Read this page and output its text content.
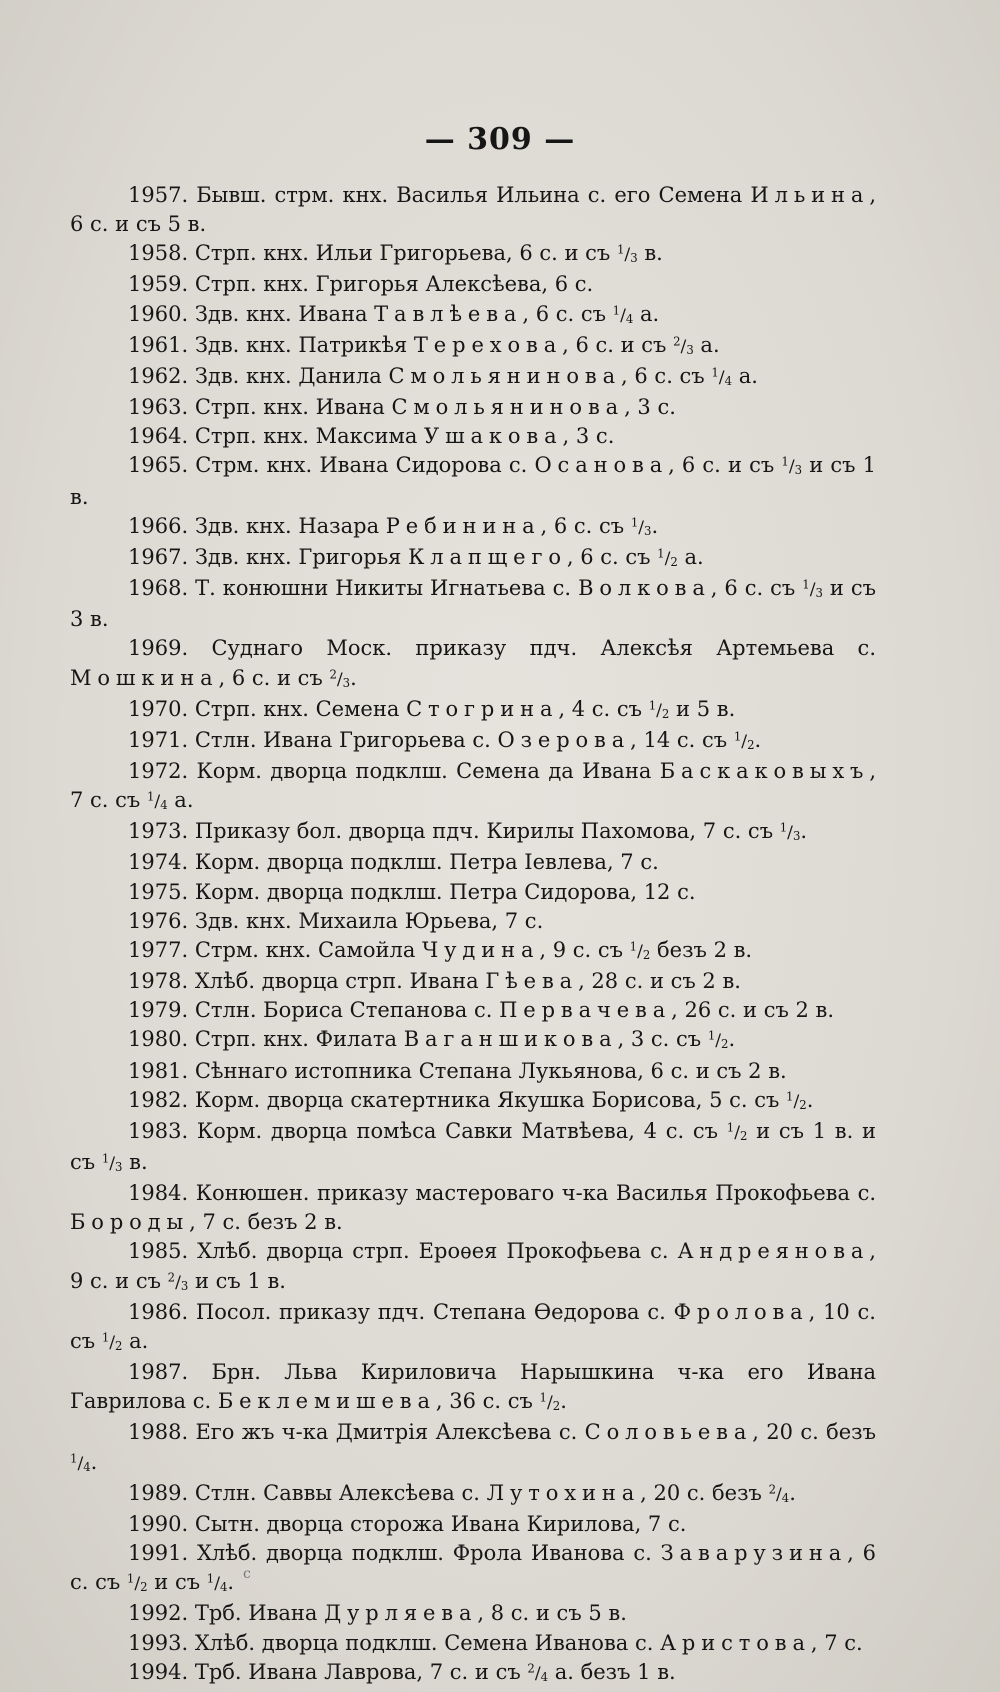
— 309 —

1957. Бывш. стрм. кнх. Василья Ильина с. его Семена Ильина, 6 с. и съ 5 в.

1958. Стрп. кнх. Ильи Григорьева, 6 с. и съ $^1/_3$ в.

1959. Стрп. кнх. Григорья Алексѣева, 6 с.

1960. Здв. кнх. Ивана Тавлѣева, 6 с. съ $^1/_4$ а.

1961. Здв. кнх. Патрикѣя Терехова, 6 с. и съ $^2/_3$ а.

1962. Здв. кнх. Данила Смольянинова, 6 с. съ $^1/_4$ а.

1963. Стрп. кнх. Ивана Смольянинова, 3 с.

1964. Стрп. кнх. Максима Ушакова, 3 с.

1965. Стрм. кнх. Ивана Сидорова с. Осанова, 6 с. и съ $^1/_3$ и съ 1 в.

1966. Здв. кнх. Назара Ребинина, 6 с. съ $^1/_3$.

1967. Здв. кнх. Григорья Клапщего, 6 с. съ $^1/_2$ а.

1968. Т. конюшни Никиты Игнатьева с. Волкова, 6 с. съ $^1/_3$ и съ 3 в.

1969. Суднаго Моск. приказу пдч. Алексѣя Артемьева с. Мошкина, 6 с. и съ $^2/_3$.

1970. Стрп. кнх. Семена Стогрина, 4 с. съ $^1/_2$ и 5 в.

1971. Стлн. Ивана Григорьева с. Озерова, 14 с. съ $^1/_2$.

1972. Корм. дворца подклш. Семена да Ивана Баскаковыхъ, 7 с. съ $^1/_4$ а.

1973. Приказу бол. дворца пдч. Кирилы Пахомова, 7 с. съ $^1/_3$.

1974. Корм. дворца подклш. Петра Іевлева, 7 с.

1975. Корм. дворца подклш. Петра Сидорова, 12 с.

1976. Здв. кнх. Михаила Юрьева, 7 с.

1977. Стрм. кнх. Самойла Чудина, 9 с. съ $^1/_2$ безъ 2 в.

1978. Хлѣб. дворца стрп. Ивана Гѣева, 28 с. и съ 2 в.

1979. Стлн. Бориса Степанова с. Первачева, 26 с. и съ 2 в.

1980. Стрп. кнх. Филата Ваганшикова, 3 с. съ $^1/_2$.

1981. Сѣннаго истопника Степана Лукьянова, 6 с. и съ 2 в.

1982. Корм. дворца скатертника Якушка Борисова, 5 с. съ $^1/_2$.

1983. Корм. дворца помѣса Савки Матвѣева, 4 с. съ $^1/_2$ и съ 1 в. и съ $^1/_3$ в.

1984. Конюшен. приказу мастероваго ч-ка Василья Прокофьева с. Бороды, 7 с. безъ 2 в.

1985. Хлѣб. дворца стрп. Ероѳея Прокофьева с. Андреянова, 9 с. и съ $^2/_3$ и съ 1 в.

1986. Посол. приказу пдч. Степана Ѳедорова с. Фролова, 10 с. съ $^1/_2$ а.

1987. Брн. Льва Кириловича Нарышкина ч-ка его Ивана Гаврилова с. Беклемишева, 36 с. съ $^1/_2$.

1988. Его жъ ч-ка Дмитрія Алексѣева с. Соловьева, 20 с. безъ $^1/_4$.

1989. Стлн. Саввы Алексѣева с. Лутохина, 20 с. безъ $^2/_4$.

1990. Сытн. дворца сторожа Ивана Кирилова, 7 с.

1991. Хлѣб. дворца подклш. Фрола Иванова с. Заварузина, 6 с. съ $^1/_2$ и съ $^1/_4$.

1992. Трб. Ивана Дурляева, 8 с. и съ 5 в.

1993. Хлѣб. дворца подклш. Семена Иванова с. Аристова, 7 с.

1994. Трб. Ивана Лаврова, 7 с. и съ $^2/_4$ а. безъ 1 в.

с
